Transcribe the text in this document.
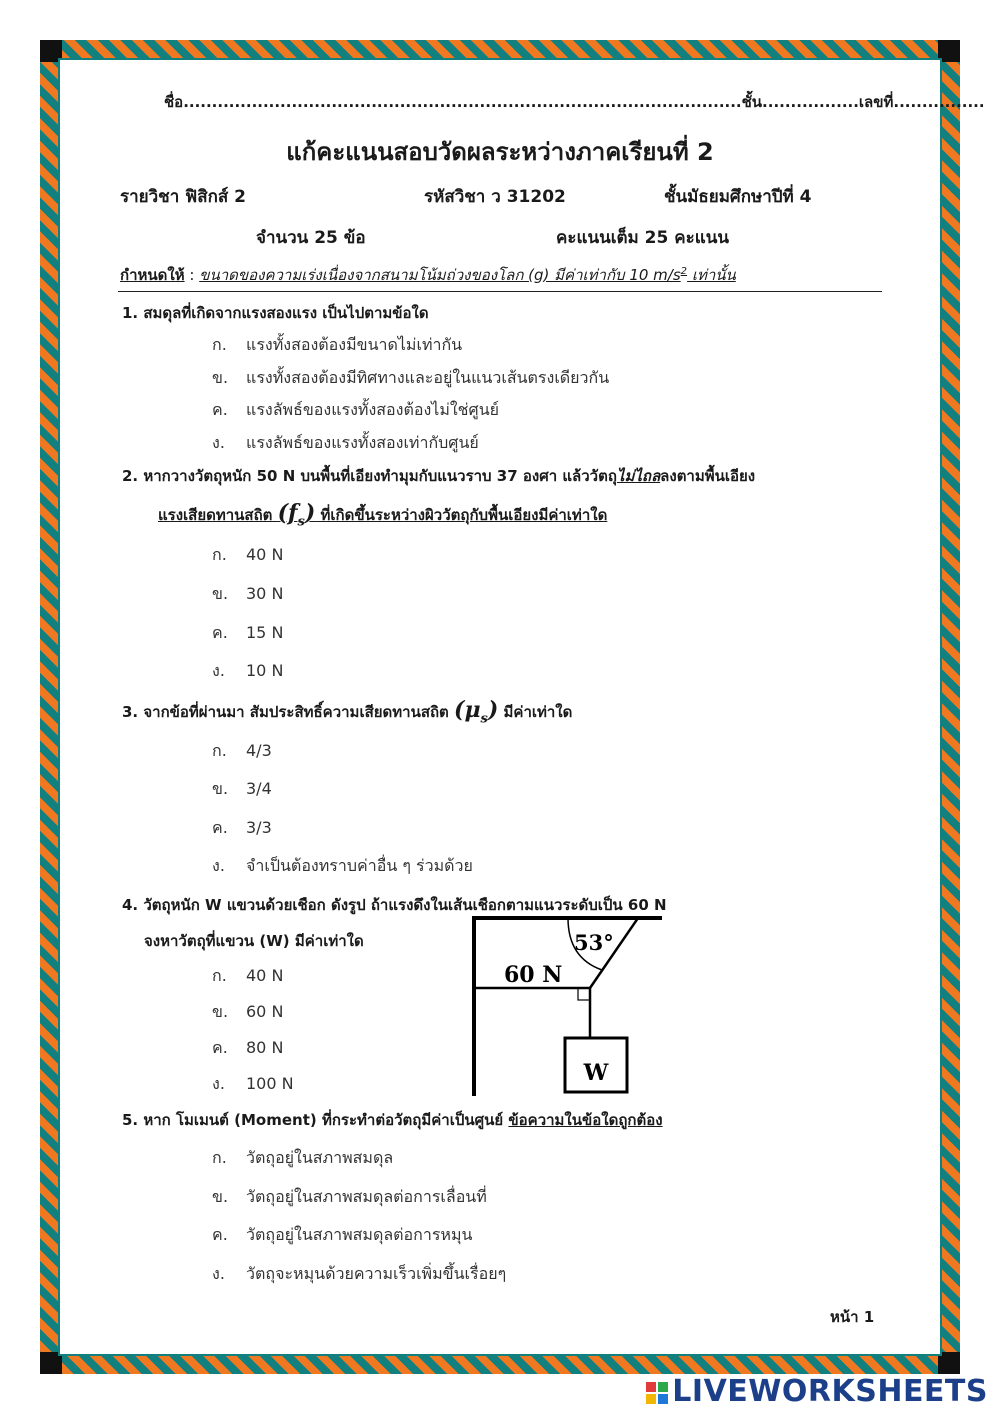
ชื่อ..................................................................................................ชั้น.................เลขที่................
แก้คะแนนสอบวัดผลระหว่างภาคเรียนที่ 2
รายวิชา ฟิสิกส์ 2	รหัสวิชา ว 31202	ชั้นมัธยมศึกษาปีที่ 4
จำนวน 25 ข้อ	คะแนนเต็ม 25 คะแนน
กำหนดให้ : ขนาดของความเร่งเนื่องจากสนามโน้มถ่วงของโลก (g) มีค่าเท่ากับ 10 $m/s^2$ เท่านั้น
1. สมดุลที่เกิดจากแรงสองแรง เป็นไปตามข้อใด
ก. แรงทั้งสองต้องมีขนาดไม่เท่ากัน
ข. แรงทั้งสองต้องมีทิศทางและอยู่ในแนวเส้นตรงเดียวกัน
ค. แรงลัพธ์ของแรงทั้งสองต้องไม่ใช่ศูนย์
ง. แรงลัพธ์ของแรงทั้งสองเท่ากับศูนย์
2. หากวางวัตถุหนัก 50 N บนพื้นที่เอียงทำมุมกับแนวราบ 37 องศา แล้ววัตถุไม่ไถลลงตามพื้นเอียง
แรงเสียดทานสถิต $(f_s)$ ที่เกิดขึ้นระหว่างผิววัตถุกับพื้นเอียงมีค่าเท่าใด
ก. 40 N
ข. 30 N
ค. 15 N
ง. 10 N
3. จากข้อที่ผ่านมา สัมประสิทธิ์ความเสียดทานสถิต $(\mu_s)$ มีค่าเท่าใด
ก. 4/3
ข. 3/4
ค. 3/3
ง. จำเป็นต้องทราบค่าอื่น ๆ ร่วมด้วย
4. วัตถุหนัก W แขวนด้วยเชือก ดังรูป ถ้าแรงดึงในเส้นเชือกตามแนวระดับเป็น 60 N
จงหาวัตถุที่แขวน (W) มีค่าเท่าใด
ก. 40 N
ข. 60 N
ค. 80 N
ง. 100 N
53°
60 N
W
5. หาก โมเมนต์ (Moment) ที่กระทำต่อวัตถุมีค่าเป็นศูนย์ ข้อความในข้อใดถูกต้อง
ก. วัตถุอยู่ในสภาพสมดุล
ข. วัตถุอยู่ในสภาพสมดุลต่อการเลื่อนที่
ค. วัตถุอยู่ในสภาพสมดุลต่อการหมุน
ง. วัตถุจะหมุนด้วยความเร็วเพิ่มขึ้นเรื่อยๆ
หน้า 1
LIVEWORKSHEETS
